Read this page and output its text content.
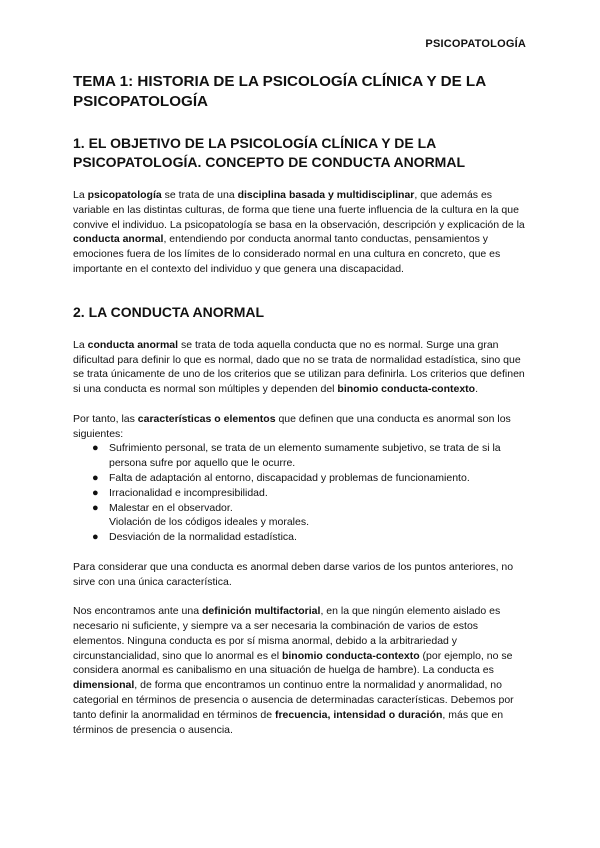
PSICOPATOLOGÍA
TEMA 1: HISTORIA DE LA PSICOLOGÍA CLÍNICA Y DE LA PSICOPATOLOGÍA
1. EL OBJETIVO DE LA PSICOLOGÍA CLÍNICA Y DE LA PSICOPATOLOGÍA. CONCEPTO DE CONDUCTA ANORMAL

La psicopatología se trata de una disciplina basada y multidisciplinar, que además es variable en las distintas culturas, de forma que tiene una fuerte influencia de la cultura en la que convive el individuo. La psicopatología se basa en la observación, descripción y explicación de la conducta anormal, entendiendo por conducta anormal tanto conductas, pensamientos y emociones fuera de los límites de lo considerado normal en una cultura en concreto, que es importante en el contexto del individuo y que genera una discapacidad.

2. LA CONDUCTA ANORMAL

La conducta anormal se trata de toda aquella conducta que no es normal. Surge una gran dificultad para definir lo que es normal, dado que no se trata de normalidad estadística, sino que se trata únicamente de uno de los criterios que se utilizan para definirla. Los criterios que definen si una conducta es normal son múltiples y dependen del binomio conducta-contexto.

Por tanto, las características o elementos que definen que una conducta es anormal son los siguientes:

● Sufrimiento personal, se trata de un elemento sumamente subjetivo, se trata de si la persona sufre por aquello que le ocurre.
● Falta de adaptación al entorno, discapacidad y problemas de funcionamiento.
● Irracionalidad e incompresibilidad.
● Malestar en el observador.
Violación de los códigos ideales y morales.
● Desviación de la normalidad estadística.

Para considerar que una conducta es anormal deben darse varios de los puntos anteriores, no sirve con una única característica.

Nos encontramos ante una definición multifactorial, en la que ningún elemento aislado es necesario ni suficiente, y siempre va a ser necesaria la combinación de varios de estos elementos. Ninguna conducta es por sí misma anormal, debido a la arbitrariedad y circunstancialidad, sino que lo anormal es el binomio conducta-contexto (por ejemplo, no se considera anormal es canibalismo en una situación de huelga de hambre). La conducta es dimensional, de forma que encontramos un continuo entre la normalidad y anormalidad, no categorial en términos de presencia o ausencia de determinadas características. Debemos por tanto definir la anormalidad en términos de frecuencia, intensidad o duración, más que en términos de presencia o ausencia.
